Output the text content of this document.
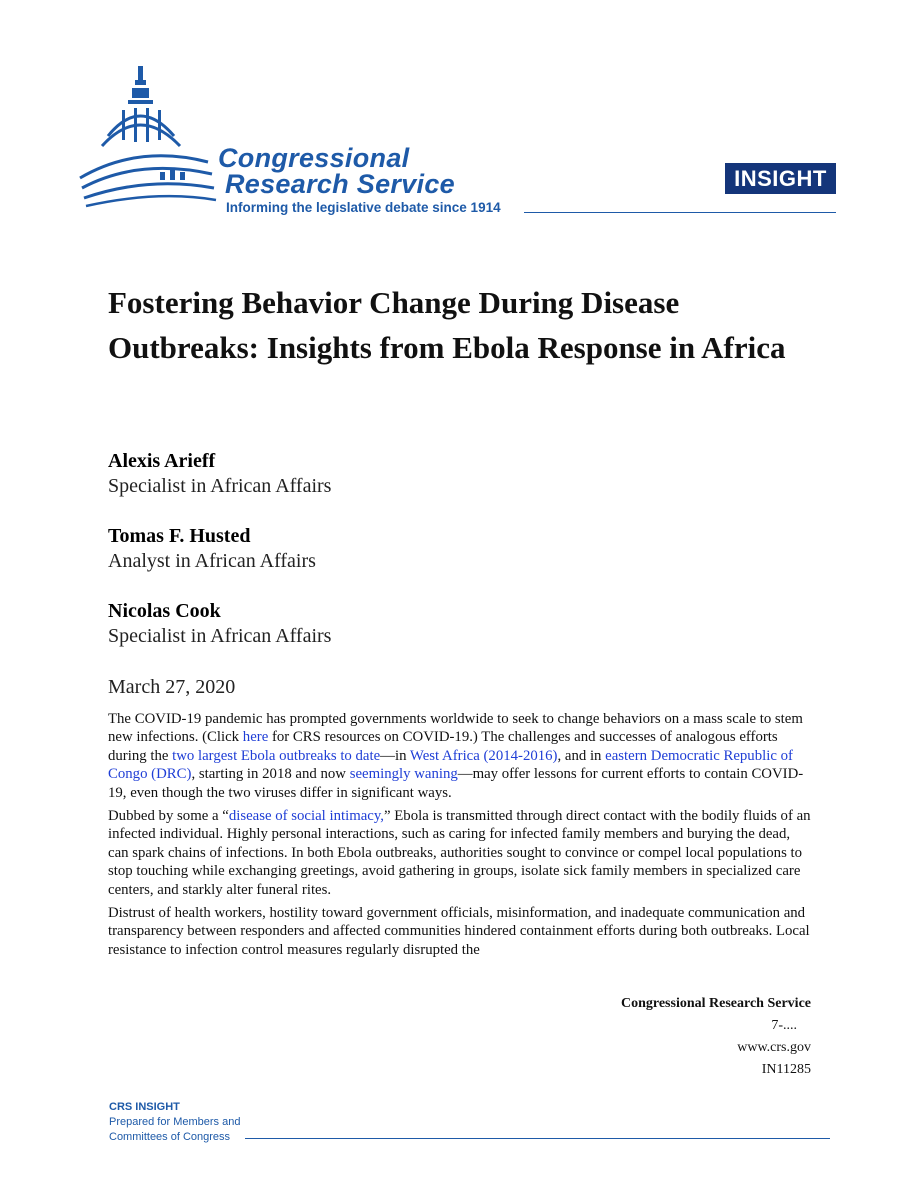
Congressional
Research Service
Informing the legislative debate since 1914
INSIGHT
Fostering Behavior Change During Disease Outbreaks: Insights from Ebola Response in Africa
Alexis Arieff
Specialist in African Affairs
Tomas F. Husted
Analyst in African Affairs
Nicolas Cook
Specialist in African Affairs
March 27, 2020

The COVID-19 pandemic has prompted governments worldwide to seek to change behaviors on a mass scale to stem new infections. (Click here for CRS resources on COVID-19.) The challenges and successes of analogous efforts during the two largest Ebola outbreaks to date—in West Africa (2014-2016), and in eastern Democratic Republic of Congo (DRC), starting in 2018 and now seemingly waning—may offer lessons for current efforts to contain COVID-19, even though the two viruses differ in significant ways.

Dubbed by some a “disease of social intimacy,” Ebola is transmitted through direct contact with the bodily fluids of an infected individual. Highly personal interactions, such as caring for infected family members and burying the dead, can spark chains of infections. In both Ebola outbreaks, authorities sought to convince or compel local populations to stop touching while exchanging greetings, avoid gathering in groups, isolate sick family members in specialized care centers, and starkly alter funeral rites.

Distrust of health workers, hostility toward government officials, misinformation, and inadequate communication and transparency between responders and affected communities hindered containment efforts during both outbreaks. Local resistance to infection control measures regularly disrupted the

Congressional Research Service
7-....
www.crs.gov
IN11285
CRS INSIGHT
Prepared for Members and
Committees of Congress
